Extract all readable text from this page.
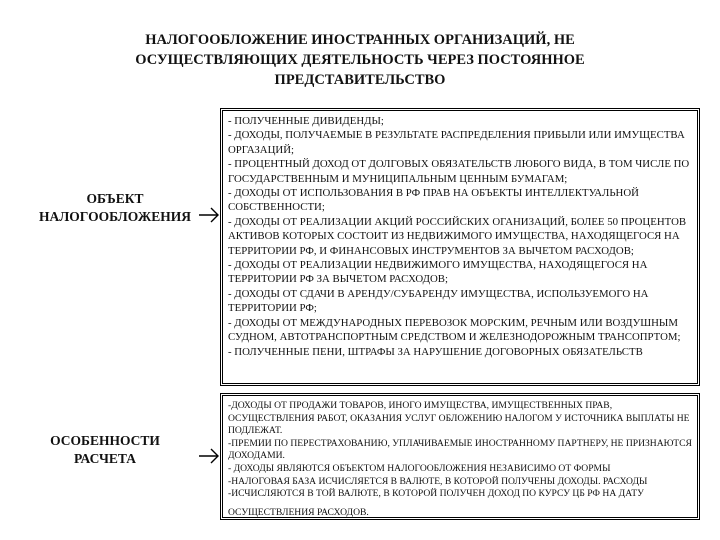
НАЛОГООБЛОЖЕНИЕ ИНОСТРАННЫХ ОРГАНИЗАЦИЙ, НЕ
ОСУЩЕСТВЛЯЮЩИХ ДЕЯТЕЛЬНОСТЬ ЧЕРЕЗ ПОСТОЯННОЕ
ПРЕДСТАВИТЕЛЬСТВО
ОБЪЕКТ
НАЛОГООБЛОЖЕНИЯ

- ПОЛУЧЕННЫЕ ДИВИДЕНДЫ;

- ДОХОДЫ, ПОЛУЧАЕМЫЕ В РЕЗУЛЬТАТЕ РАСПРЕДЕЛЕНИЯ ПРИБЫЛИ ИЛИ ИМУЩЕСТВА ОРГАЗАЦИЙ;

- ПРОЦЕНТНЫЙ ДОХОД ОТ ДОЛГОВЫХ ОБЯЗАТЕЛЬСТВ ЛЮБОГО ВИДА, В ТОМ ЧИСЛЕ ПО ГОСУДАРСТВЕННЫМ И МУНИЦИПАЛЬНЫМ ЦЕННЫМ БУМАГАМ;

- ДОХОДЫ ОТ ИСПОЛЬЗОВАНИЯ В РФ ПРАВ НА ОБЪЕКТЫ ИНТЕЛЛЕКТУАЛЬНОЙ СОБСТВЕННОСТИ;

- ДОХОДЫ ОТ РЕАЛИЗАЦИИ АКЦИЙ РОССИЙСКИХ ОГАНИЗАЦИЙ, БОЛЕЕ 50 ПРОЦЕНТОВ АКТИВОВ КОТОРЫХ СОСТОИТ ИЗ НЕДВИЖИМОГО ИМУЩЕСТВА, НАХОДЯЩЕГОСЯ НА ТЕРРИТОРИИ РФ, И ФИНАНСОВЫХ ИНСТРУМЕНТОВ ЗА ВЫЧЕТОМ РАСХОДОВ;

- ДОХОДЫ ОТ РЕАЛИЗАЦИИ НЕДВИЖИМОГО ИМУЩЕСТВА, НАХОДЯЩЕГОСЯ НА ТЕРРИТОРИИ РФ ЗА ВЫЧЕТОМ РАСХОДОВ;

- ДОХОДЫ ОТ СДАЧИ В АРЕНДУ/СУБАРЕНДУ ИМУЩЕСТВА, ИСПОЛЬЗУЕМОГО НА ТЕРРИТОРИИ РФ;

- ДОХОДЫ ОТ МЕЖДУНАРОДНЫХ ПЕРЕВОЗОК МОРСКИМ, РЕЧНЫМ ИЛИ ВОЗДУШНЫМ СУДНОМ, АВТОТРАНСПОРТНЫМ СРЕДСТВОМ И ЖЕЛЕЗНОДОРОЖНЫМ ТРАНСОПРТОМ;

- ПОЛУЧЕННЫЕ ПЕНИ, ШТРАФЫ ЗА НАРУШЕНИЕ ДОГОВОРНЫХ ОБЯЗАТЕЛЬСТВ

ОСОБЕННОСТИ
РАСЧЕТА

-ДОХОДЫ ОТ ПРОДАЖИ ТОВАРОВ, ИНОГО ИМУЩЕСТВА, ИМУЩЕСТВЕННЫХ ПРАВ, ОСУЩЕСТВЛЕНИЯ РАБОТ, ОКАЗАНИЯ УСЛУГ ОБЛОЖЕНИЮ НАЛОГОМ У ИСТОЧНИКА ВЫПЛАТЫ НЕ ПОДЛЕЖАТ.

-ПРЕМИИ ПО ПЕРЕСТРАХОВАНИЮ, УПЛАЧИВАЕМЫЕ ИНОСТРАННОМУ ПАРТНЕРУ, НЕ ПРИЗНАЮТСЯ ДОХОДАМИ.

- ДОХОДЫ ЯВЛЯЮТСЯ ОБЪЕКТОМ НАЛОГООБЛОЖЕНИЯ НЕЗАВИСИМО ОТ ФОРМЫ

-НАЛОГОВАЯ БАЗА ИСЧИСЛЯЕТСЯ В ВАЛЮТЕ, В КОТОРОЙ ПОЛУЧЕНЫ ДОХОДЫ. РАСХОДЫ

-ИСЧИСЛЯЮТСЯ В ТОЙ ВАЛЮТЕ, В КОТОРОЙ ПОЛУЧЕН ДОХОД ПО КУРСУ ЦБ РФ НА ДАТУ

ОСУЩЕСТВЛЕНИЯ РАСХОДОВ.
